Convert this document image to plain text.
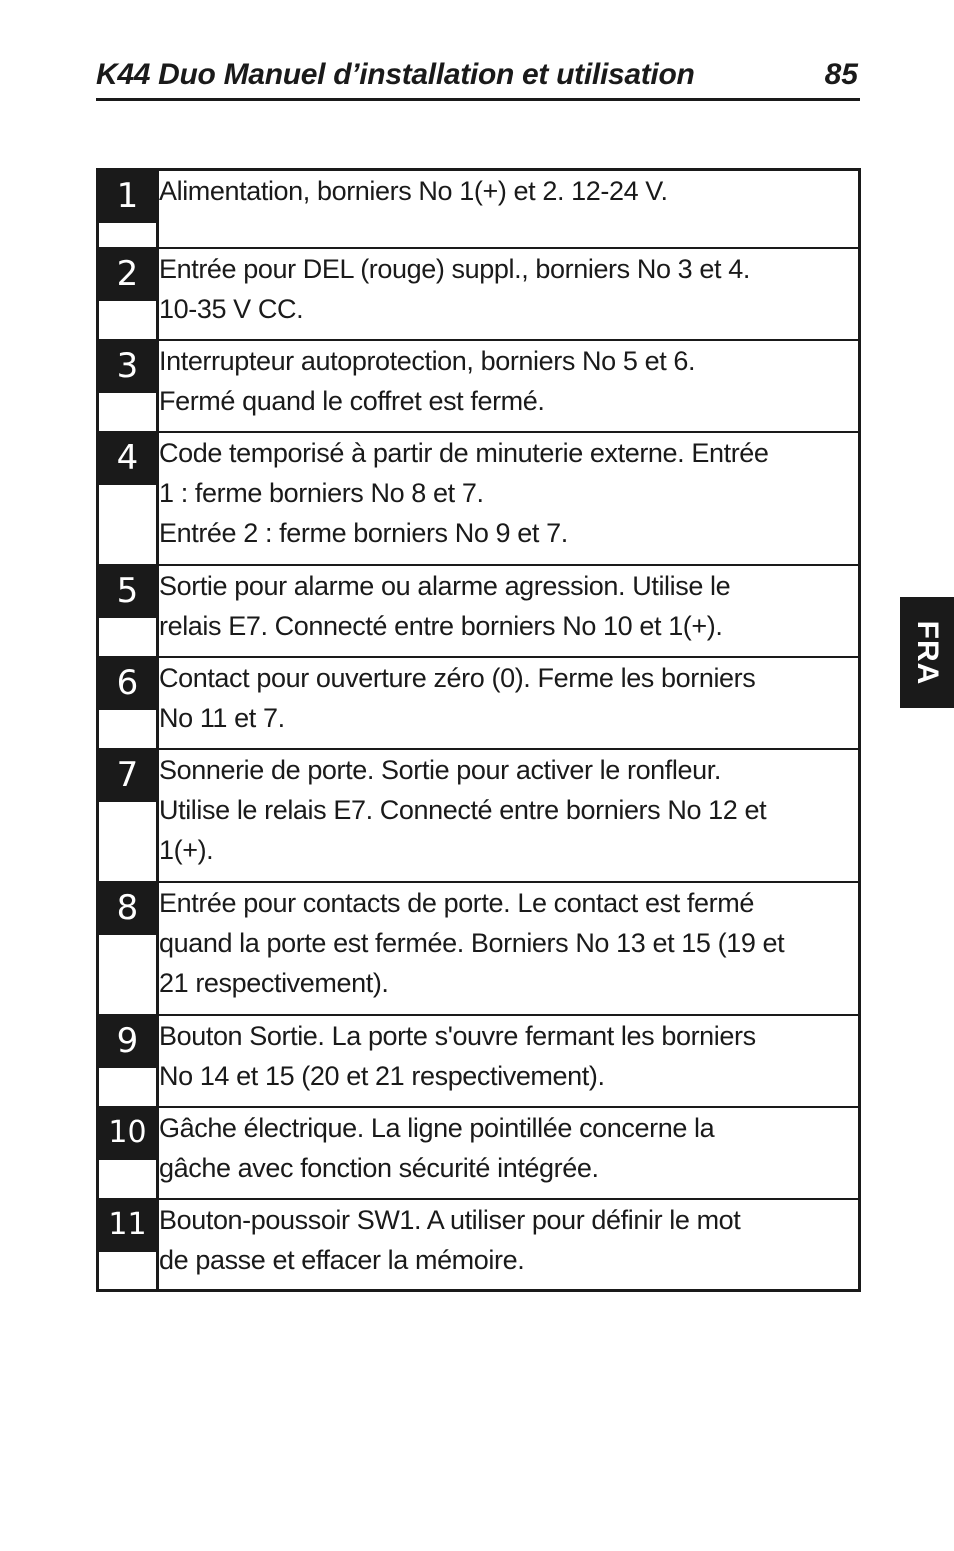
K44 Duo Manuel d’installation et utilisation	85
1	Alimentation, borniers No 1(+) et 2. 12-24 V.

2	Entrée pour DEL (rouge) suppl., borniers No 3 et 4.
10-35 V CC.

3	Interrupteur autoprotection, borniers No 5 et 6.
Fermé quand le coffret est fermé.

4	Code temporisé à partir de minuterie externe. Entrée
1 : ferme borniers No 8 et 7.
Entrée 2 : ferme borniers No 9 et 7.

5	Sortie pour alarme ou alarme agression. Utilise le
relais E7. Connecté entre borniers No 10 et 1(+).

6	Contact pour ouverture zéro (0). Ferme les borniers
No 11 et 7.

7	Sonnerie de porte. Sortie pour activer le ronfleur.
Utilise le relais E7. Connecté entre borniers No 12 et
1(+).

8	Entrée pour contacts de porte. Le contact est fermé
quand la porte est fermée. Borniers No 13 et 15 (19 et
21 respectivement).

9	Bouton Sortie. La porte s'ouvre fermant les borniers
No 14 et 15 (20 et 21 respectivement).

10	Gâche électrique. La ligne pointillée concerne la
gâche avec fonction sécurité intégrée.

11	Bouton-poussoir SW1. A utiliser pour définir le mot
de passe et effacer la mémoire.
FRA
